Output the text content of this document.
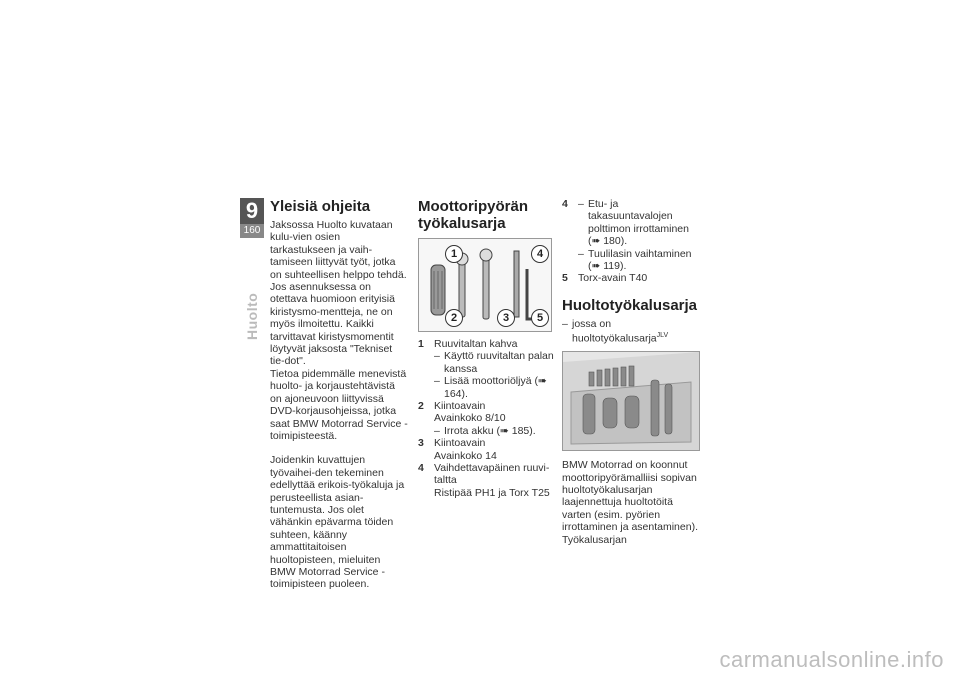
9
160
Huolto
Yleisiä ohjeita

Jaksossa Huolto kuvataan kulu-vien osien tarkastukseen ja vaih-tamiseen liittyvät työt, jotka on suhteellisen helppo tehdä.

Jos asennuksessa on otettava huomioon erityisiä kiristysmo-mentteja, ne on myös ilmoitettu. Kaikki tarvittavat kiristysmomentit löytyvät jaksosta "Tekniset tie-dot".

Tietoa pidemmälle menevistä huolto- ja korjaustehtävistä on ajoneuvoon liittyvissä DVD-korjausohjeissa, jotka saat BMW Motorrad Service -toimipisteestä.

Joidenkin kuvattujen työvaihei-den tekeminen edellyttää erikois-työkaluja ja perusteellista asian-tuntemusta. Jos olet vähänkin epävarma töiden suhteen, käänny ammattitaitoisen huoltopisteen, mieluiten BMW Motorrad Service -toimipisteen puoleen.

Moottoripyörän työkalusarja
1
2	3
4
5
1 Ruuvitaltan kahva

– Käyttö ruuvitaltan palan kanssa
– Lisää moottoriöljyä (➠ 164).
2 Kiintoavain

Avainkoko 8/10

– Irrota akku (➠ 185).
3 Kiintoavain

Avainkoko 14

4 Vaihdettavapäinen ruuvi-taltta

Ristipää PH1 ja Torx T25

4 – Etu- ja takasuuntavalojen polttimon irrottaminen (➠ 180).
– Tuulilasin vaihtaminen (➠ 119).
5 Torx-avain T40

Huoltotyökalusarja
– jossa on huoltotyökalusarja$^{JLV}$

BMW Motorrad on koonnut moottoripyörämalliisi sopivan huoltotyökalusarjan laajennettuja huoltotöitä varten (esim. pyörien irrottaminen ja asentaminen). Työkalusarjan

carmanualsonline.info
